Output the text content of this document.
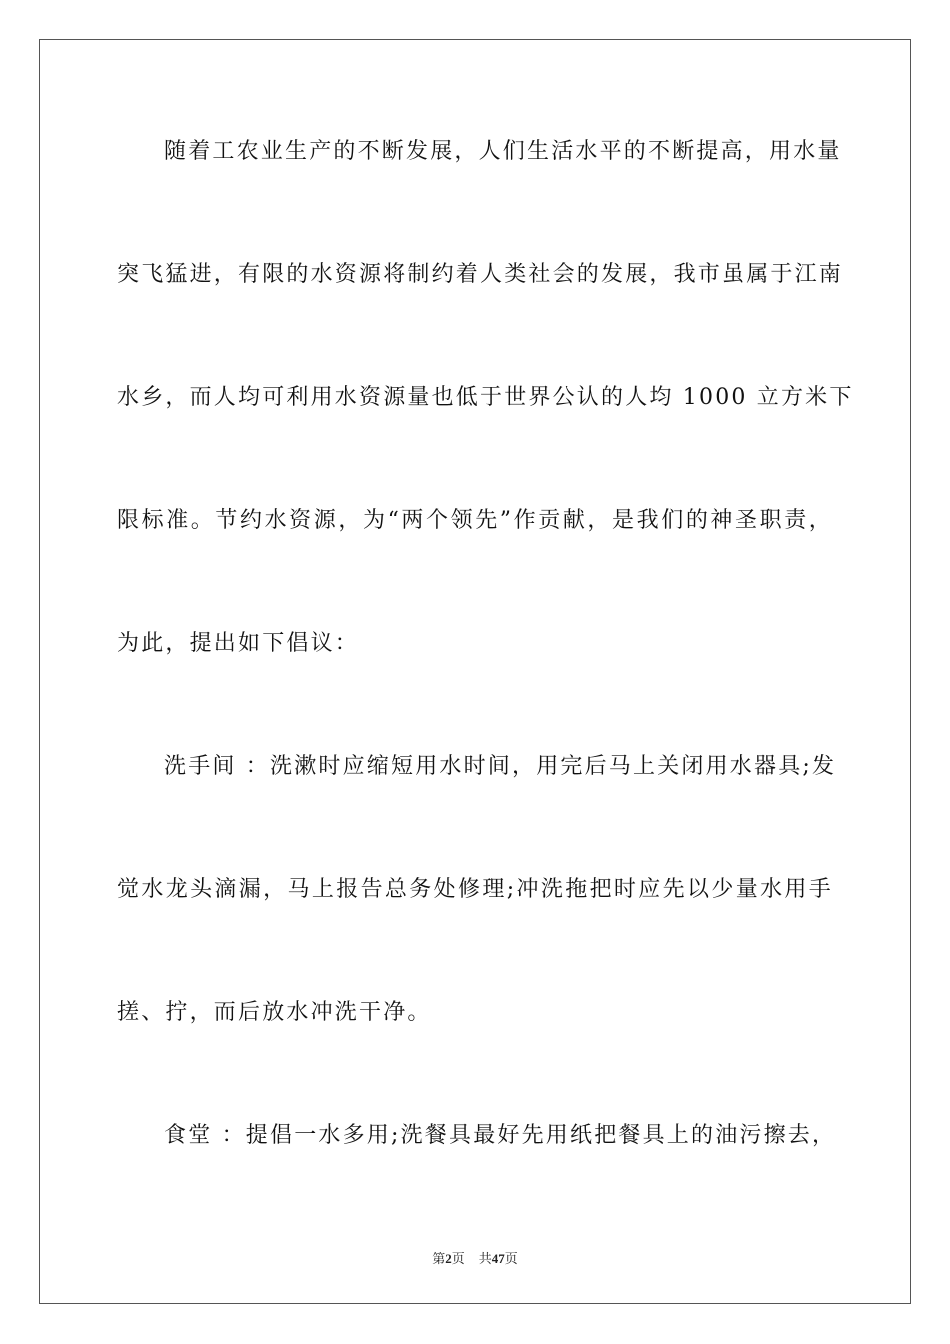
随着工农业生产的不断发展，人们生活水平的不断提高，用水量
突飞猛进，有限的水资源将制约着人类社会的发展，我市虽属于江南
水乡，而人均可利用水资源量也低于世界公认的人均 1000 立方米下
限标准。节约水资源，为“两个领先”作贡献，是我们的神圣职责，
为此，提出如下倡议：
洗手间 ：洗漱时应缩短用水时间，用完后马上关闭用水器具;发
觉水龙头滴漏，马上报告总务处修理;冲洗拖把时应先以少量水用手
搓、拧，而后放水冲洗干净。
食堂 ：提倡一水多用;洗餐具最好先用纸把餐具上的油污擦去，
第2页 共47页
